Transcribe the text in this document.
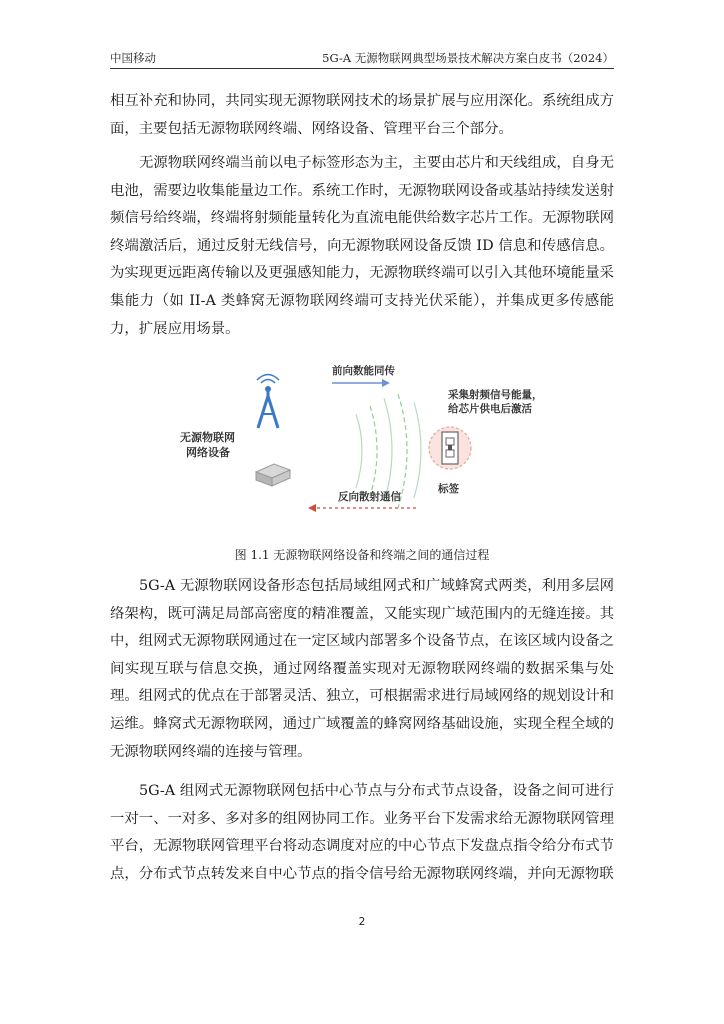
中国移动	5G-A 无源物联网典型场景技术解决方案白皮书（2024）

相互补充和协同，共同实现无源物联网技术的场景扩展与应用深化。系统组成方面，主要包括无源物联网终端、网络设备、管理平台三个部分。

无源物联网终端当前以电子标签形态为主，主要由芯片和天线组成，自身无电池，需要边收集能量边工作。系统工作时，无源物联网设备或基站持续发送射频信号给终端，终端将射频能量转化为直流电能供给数字芯片工作。无源物联网终端激活后，通过反射无线信号，向无源物联网设备反馈 ID 信息和传感信息。为实现更远距离传输以及更强感知能力，无源物联终端可以引入其他环境能量采集能力（如 II-A 类蜂窝无源物联网终端可支持光伏采能），并集成更多传感能力，扩展应用场景。

无源物联网
网络设备
前向数能同传
采集射频信号能量，
给芯片供电后激活
反向散射通信
标签
图 1.1 无源物联网络设备和终端之间的通信过程

5G-A 无源物联网设备形态包括局域组网式和广域蜂窝式两类，利用多层网络架构，既可满足局部高密度的精准覆盖，又能实现广域范围内的无缝连接。其中，组网式无源物联网通过在一定区域内部署多个设备节点，在该区域内设备之间实现互联与信息交换，通过网络覆盖实现对无源物联网终端的数据采集与处理。组网式的优点在于部署灵活、独立，可根据需求进行局域网络的规划设计和运维。蜂窝式无源物联网，通过广域覆盖的蜂窝网络基础设施，实现全程全域的无源物联网终端的连接与管理。

5G-A 组网式无源物联网包括中心节点与分布式节点设备，设备之间可进行一对一、一对多、多对多的组网协同工作。业务平台下发需求给无源物联网管理平台，无源物联网管理平台将动态调度对应的中心节点下发盘点指令给分布式节点，分布式节点转发来自中心节点的指令信号给无源物联网终端，并向无源物联

2
